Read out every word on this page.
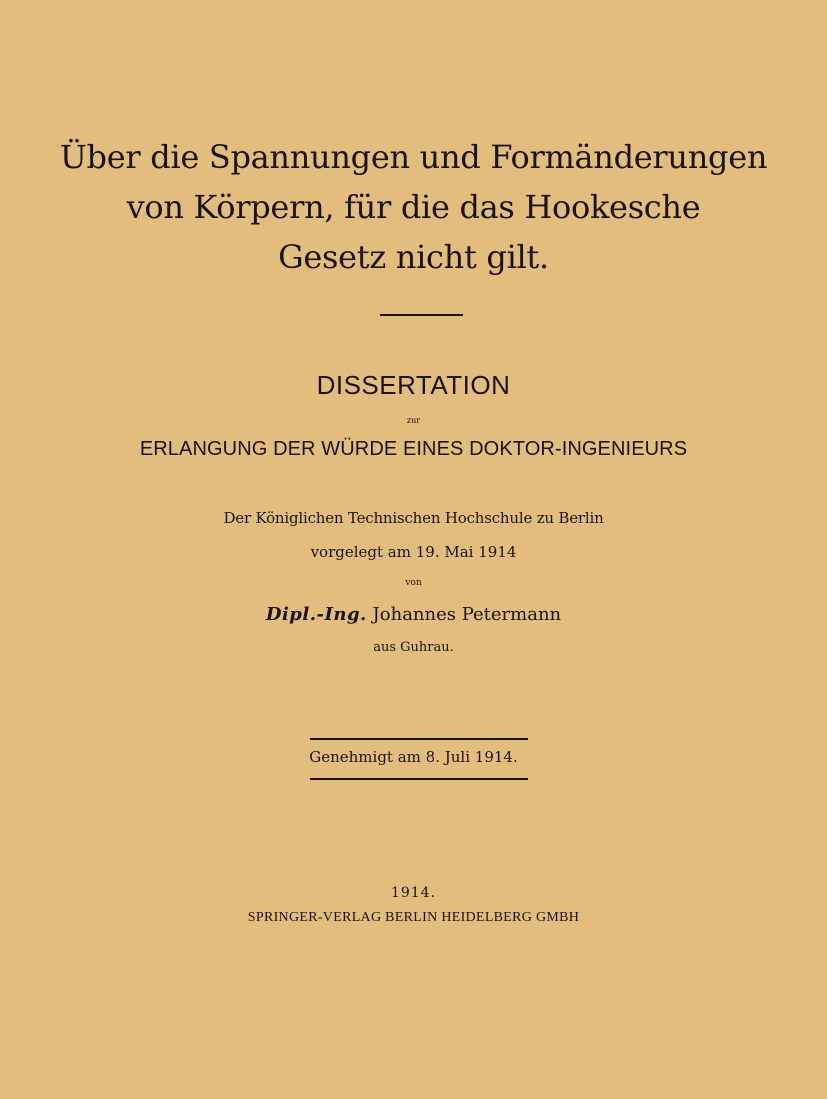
Über die Spannungen und Formänderungen
von Körpern, für die das Hookesche
Gesetz nicht gilt.
DISSERTATION
zur
ERLANGUNG DER WÜRDE EINES DOKTOR-INGENIEURS
Der Königlichen Technischen Hochschule zu Berlin
vorgelegt am 19. Mai 1914
von
Dipl.-Ing. Johannes Petermann
aus Guhrau.
Genehmigt am 8. Juli 1914.
1914.
SPRINGER-VERLAG BERLIN HEIDELBERG GMBH
